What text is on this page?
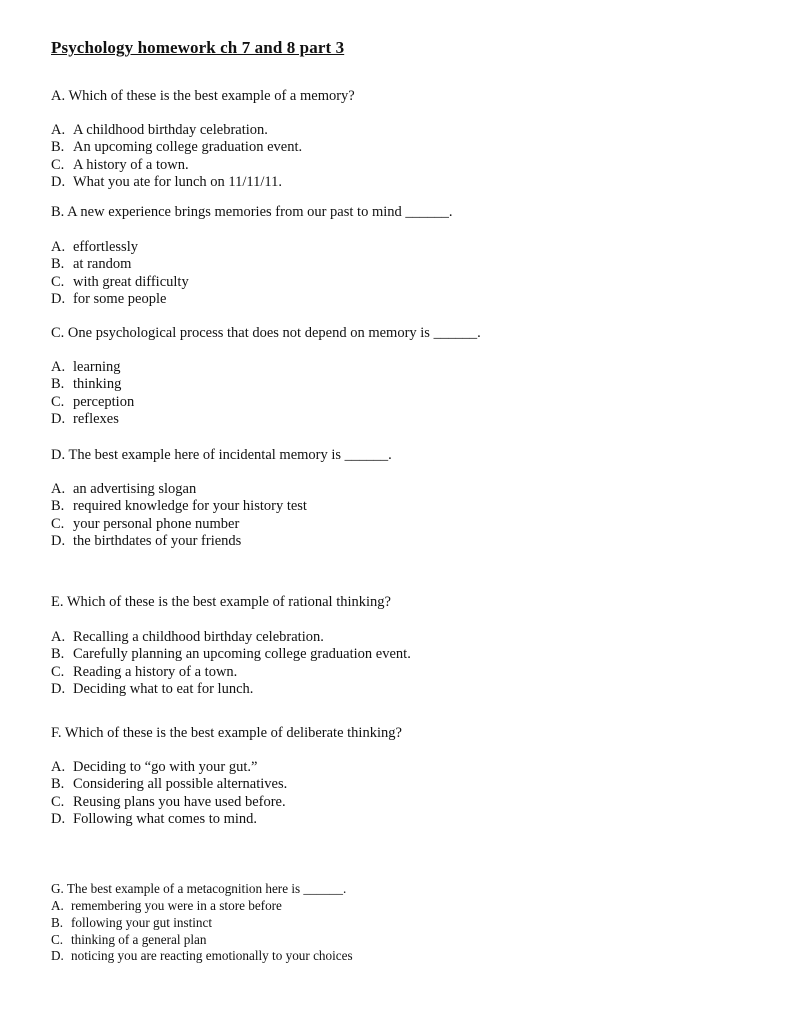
Psychology homework ch 7 and 8 part 3
A. Which of these is the best example of a memory?
A. A childhood birthday celebration.
B. An upcoming college graduation event.
C. A history of a town.
D. What you ate for lunch on 11/11/11.
B. A new experience brings memories from our past to mind ______.
A. effortlessly
B. at random
C. with great difficulty
D. for some people
C. One psychological process that does not depend on memory is ______.
A. learning
B. thinking
C. perception
D. reflexes
D. The best example here of incidental memory is ______.
A. an advertising slogan
B. required knowledge for your history test
C. your personal phone number
D. the birthdates of your friends
E. Which of these is the best example of rational thinking?
A. Recalling a childhood birthday celebration.
B. Carefully planning an upcoming college graduation event.
C. Reading a history of a town.
D. Deciding what to eat for lunch.
F. Which of these is the best example of deliberate thinking?
A. Deciding to “go with your gut.”
B. Considering all possible alternatives.
C. Reusing plans you have used before.
D. Following what comes to mind.
G. The best example of a metacognition here is ______.
A. remembering you were in a store before
B. following your gut instinct
C. thinking of a general plan
D. noticing you are reacting emotionally to your choices
